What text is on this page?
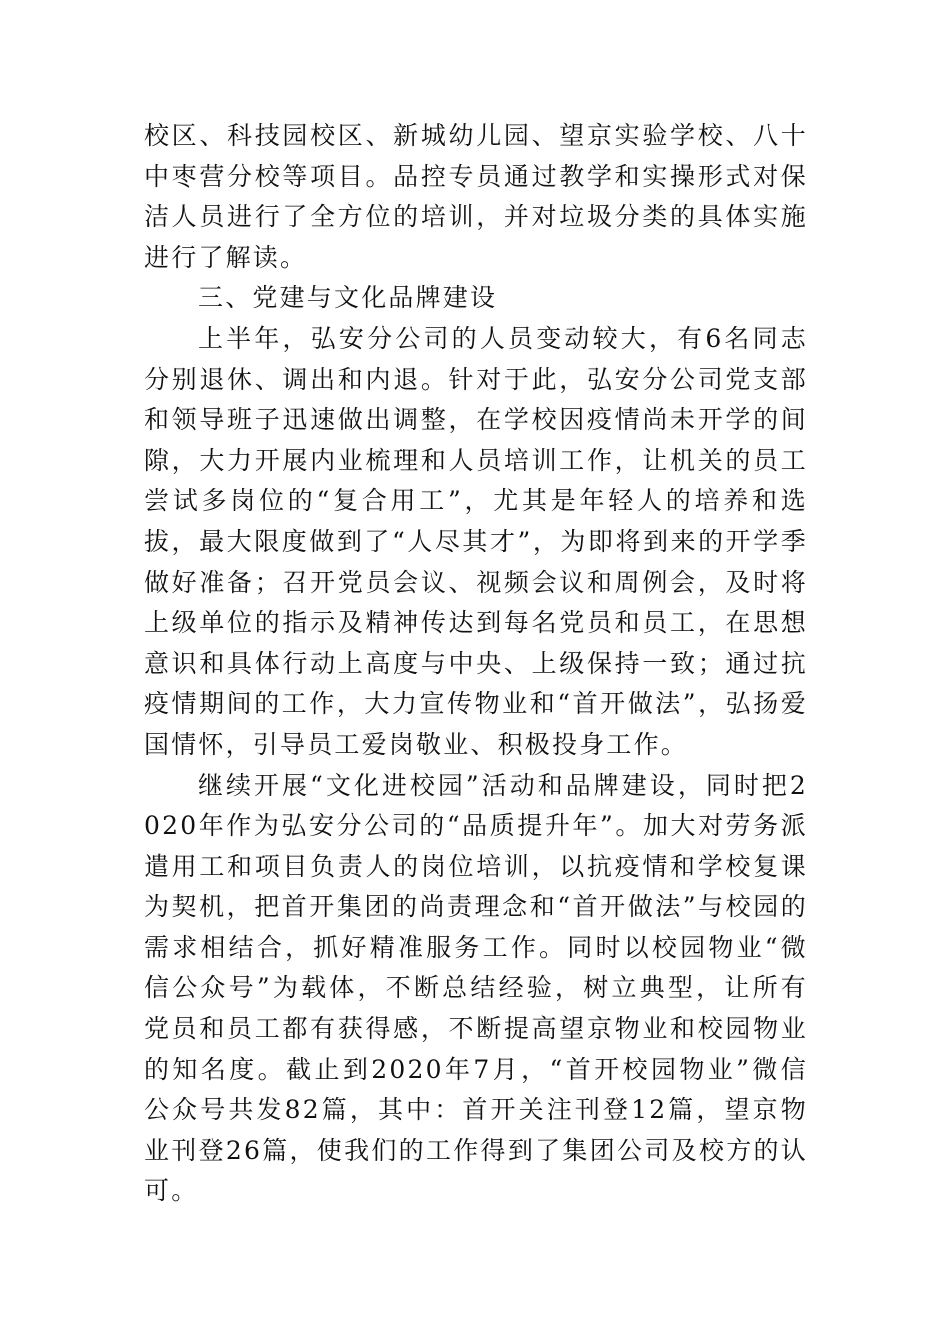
校区、科技园校区、新城幼儿园、望京实验学校、八十中枣营分校等项目。品控专员通过教学和实操形式对保洁人员进行了全方位的培训，并对垃圾分类的具体实施进行了解读。

三、党建与文化品牌建设

上半年，弘安分公司的人员变动较大，有6名同志分别退休、调出和内退。针对于此，弘安分公司党支部和领导班子迅速做出调整，在学校因疫情尚未开学的间隙，大力开展内业梳理和人员培训工作，让机关的员工尝试多岗位的“复合用工”，尤其是年轻人的培养和选拔，最大限度做到了“人尽其才”，为即将到来的开学季做好准备；召开党员会议、视频会议和周例会，及时将上级单位的指示及精神传达到每名党员和员工，在思想意识和具体行动上高度与中央、上级保持一致；通过抗疫情期间的工作，大力宣传物业和“首开做法”，弘扬爱国情怀，引导员工爱岗敬业、积极投身工作。

继续开展“文化进校园”活动和品牌建设，同时把2020年作为弘安分公司的“品质提升年”。加大对劳务派遣用工和项目负责人的岗位培训，以抗疫情和学校复课为契机，把首开集团的尚责理念和“首开做法”与校园的需求相结合，抓好精准服务工作。同时以校园物业“微信公众号”为载体，不断总结经验，树立典型，让所有党员和员工都有获得感，不断提高望京物业和校园物业的知名度。截止到2020年7月，“首开校园物业”微信公众号共发82篇，其中：首开关注刊登12篇，望京物业刊登26篇，使我们的工作得到了集团公司及校方的认可。
